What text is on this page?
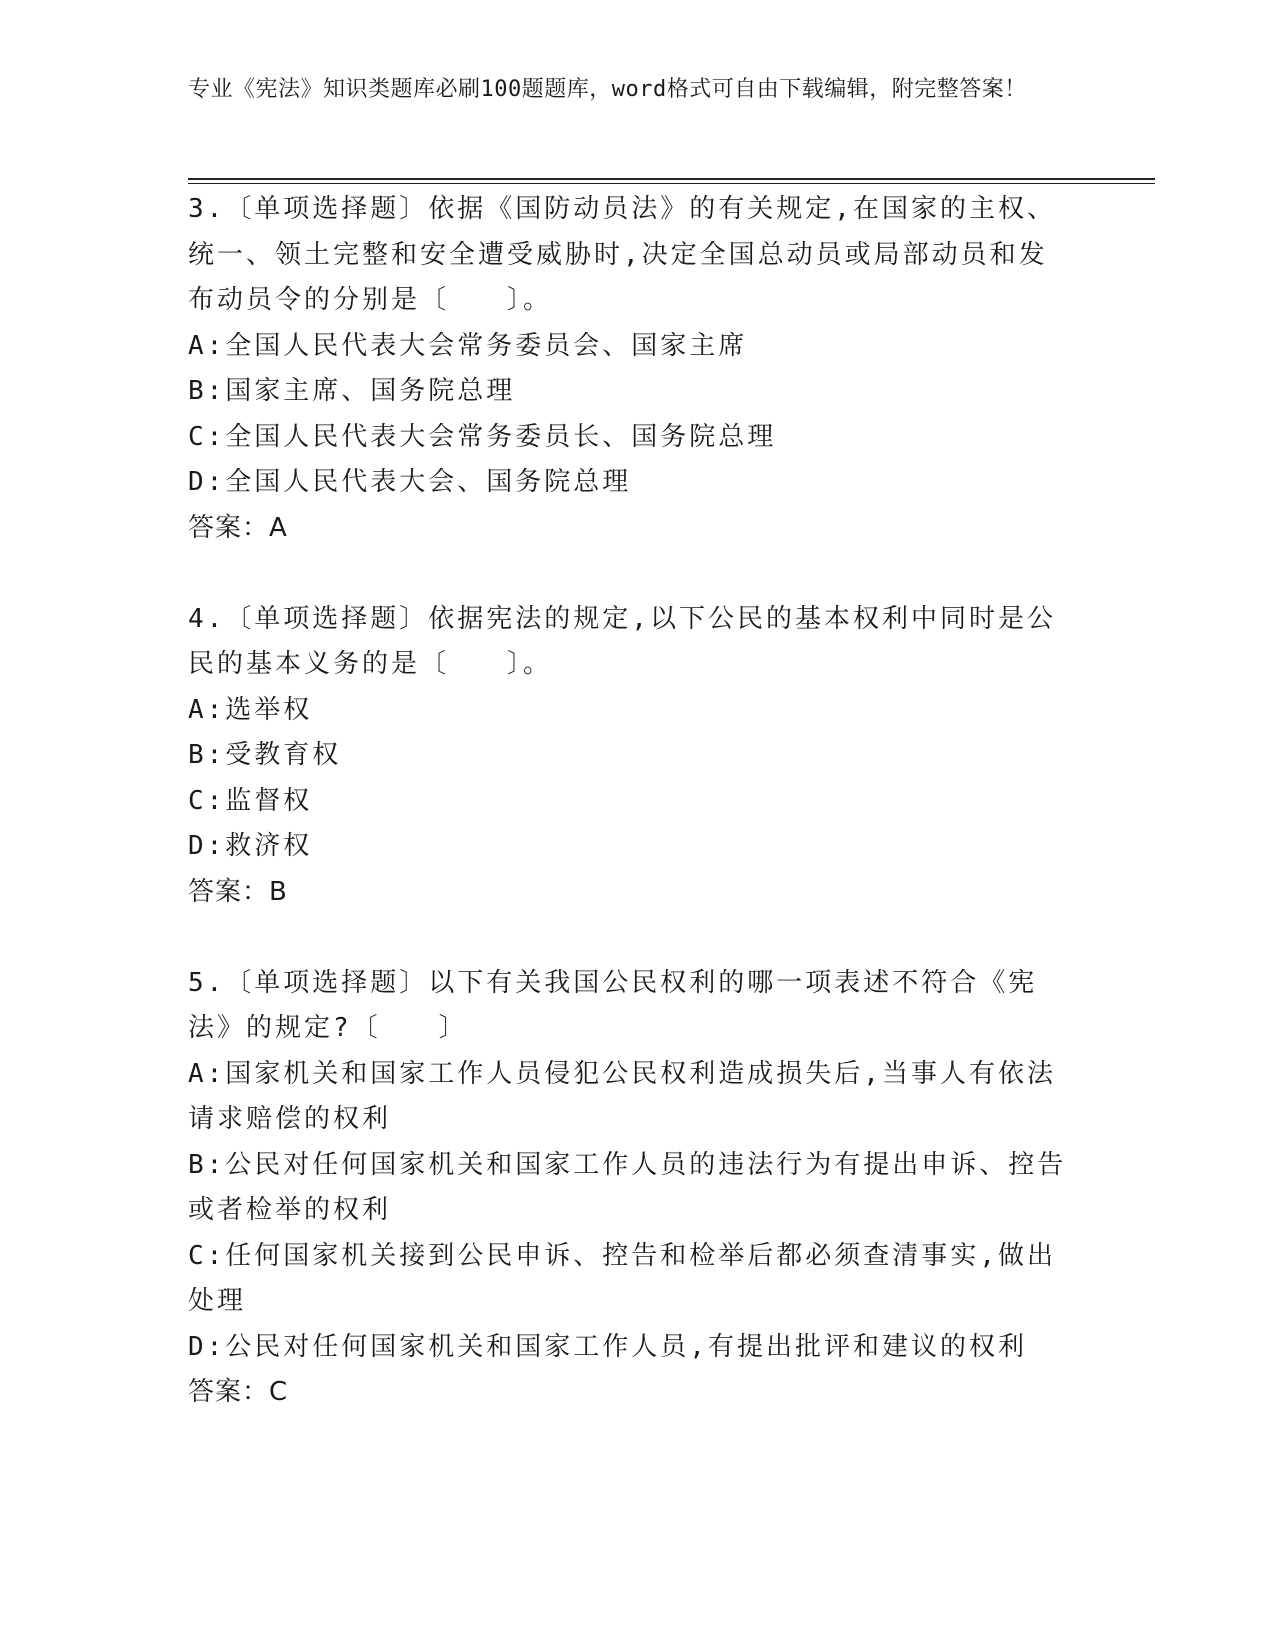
专业《宪法》知识类题库必刷100题题库，word格式可自由下载编辑，附完整答案！
3.〔单项选择题〕依据《国防动员法》的有关规定,在国家的主权、统一、领土完整和安全遭受威胁时,决定全国总动员或局部动员和发布动员令的分别是〔　　〕。
A:全国人民代表大会常务委员会、国家主席
B:国家主席、国务院总理
C:全国人民代表大会常务委员长、国务院总理
D:全国人民代表大会、国务院总理
答案：A
4.〔单项选择题〕依据宪法的规定,以下公民的基本权利中同时是公民的基本义务的是〔　　〕。
A:选举权
B:受教育权
C:监督权
D:救济权
答案：B
5.〔单项选择题〕以下有关我国公民权利的哪一项表述不符合《宪法》的规定?〔　　〕
A:国家机关和国家工作人员侵犯公民权利造成损失后,当事人有依法请求赔偿的权利
B:公民对任何国家机关和国家工作人员的违法行为有提出申诉、控告或者检举的权利
C:任何国家机关接到公民申诉、控告和检举后都必须查清事实,做出处理
D:公民对任何国家机关和国家工作人员,有提出批评和建议的权利
答案：C
